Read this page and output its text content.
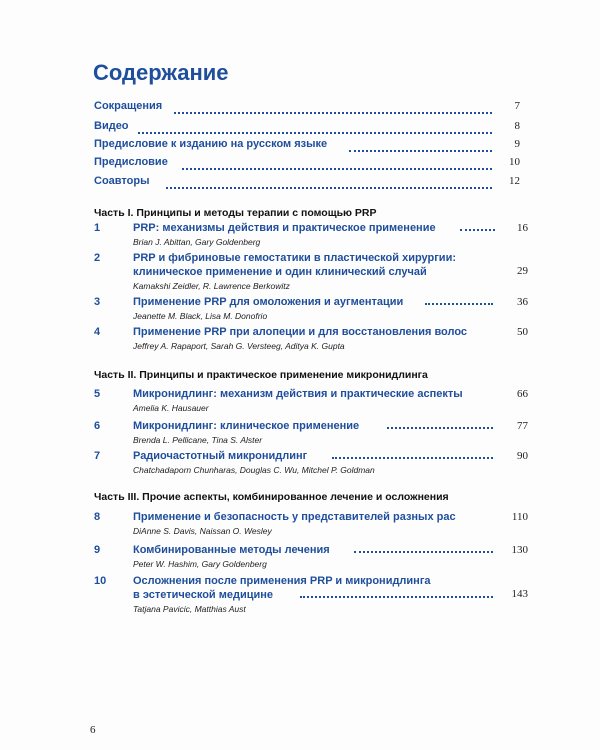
Содержание
Сокращения	7
Видео	8
Предисловие к изданию на русском языке	9
Предисловие	10
Соавторы	12
Часть I. Принципы и методы терапии с помощью PRP
1	PRP: механизмы действия и практическое применение	16
Brian J. Abittan, Gary Goldenberg
2	PRP и фибриновые гемостатики в пластической хирургии:
клиническое применение и один клинический случай	29
Kamakshi Zeidler, R. Lawrence Berkowitz
3	Применение PRP для омоложения и аугментации	36
Jeanette M. Black, Lisa M. Donofrio
4	Применение PRP при алопеции и для восстановления волос	50
Jeffrey A. Rapaport, Sarah G. Versteeg, Aditya K. Gupta
Часть II. Принципы и практическое применение микронидлинга
5	Микронидлинг: механизм действия и практические аспекты	66
Amelia K. Hausauer
6	Микронидлинг: клиническое применение	77
Brenda L. Pellicane, Tina S. Alster
7	Радиочастотный микронидлинг	90
Chatchadaporn Chunharas, Douglas C. Wu, Mitchel P. Goldman
Часть III. Прочие аспекты, комбинированное лечение и осложнения
8	Применение и безопасность у представителей разных рас	110
DiAnne S. Davis, Naissan O. Wesley
9	Комбинированные методы лечения	130
Peter W. Hashim, Gary Goldenberg
10 Осложнения после применения PRP и микронидлинга
в эстетической медицине	143
Tatjana Pavicic, Matthias Aust
6
